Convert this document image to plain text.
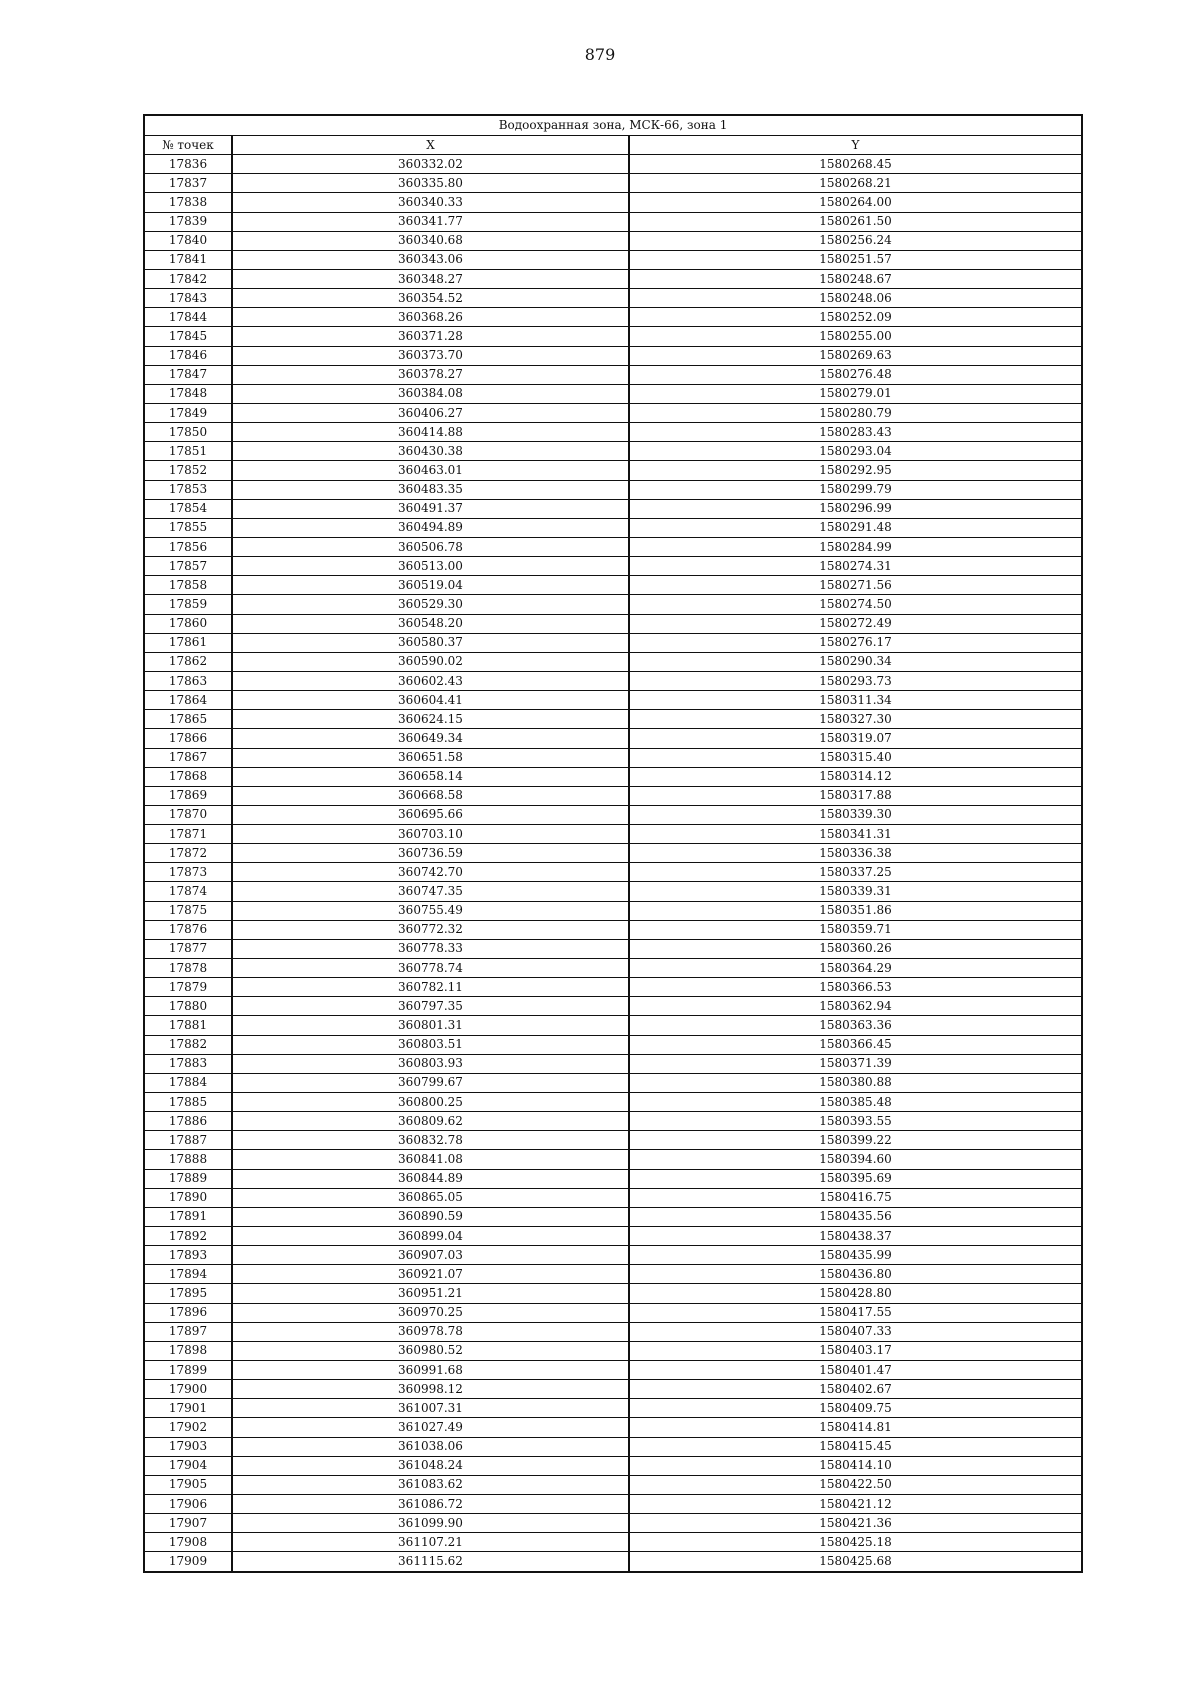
879
Водоохранная зона, МСК-66, зона 1		
№ точек	X	Y
17836	360332.02	1580268.45
17837	360335.80	1580268.21
17838	360340.33	1580264.00
17839	360341.77	1580261.50
17840	360340.68	1580256.24
17841	360343.06	1580251.57
17842	360348.27	1580248.67
17843	360354.52	1580248.06
17844	360368.26	1580252.09
17845	360371.28	1580255.00
17846	360373.70	1580269.63
17847	360378.27	1580276.48
17848	360384.08	1580279.01
17849	360406.27	1580280.79
17850	360414.88	1580283.43
17851	360430.38	1580293.04
17852	360463.01	1580292.95
17853	360483.35	1580299.79
17854	360491.37	1580296.99
17855	360494.89	1580291.48
17856	360506.78	1580284.99
17857	360513.00	1580274.31
17858	360519.04	1580271.56
17859	360529.30	1580274.50
17860	360548.20	1580272.49
17861	360580.37	1580276.17
17862	360590.02	1580290.34
17863	360602.43	1580293.73
17864	360604.41	1580311.34
17865	360624.15	1580327.30
17866	360649.34	1580319.07
17867	360651.58	1580315.40
17868	360658.14	1580314.12
17869	360668.58	1580317.88
17870	360695.66	1580339.30
17871	360703.10	1580341.31
17872	360736.59	1580336.38
17873	360742.70	1580337.25
17874	360747.35	1580339.31
17875	360755.49	1580351.86
17876	360772.32	1580359.71
17877	360778.33	1580360.26
17878	360778.74	1580364.29
17879	360782.11	1580366.53
17880	360797.35	1580362.94
17881	360801.31	1580363.36
17882	360803.51	1580366.45
17883	360803.93	1580371.39
17884	360799.67	1580380.88
17885	360800.25	1580385.48
17886	360809.62	1580393.55
17887	360832.78	1580399.22
17888	360841.08	1580394.60
17889	360844.89	1580395.69
17890	360865.05	1580416.75
17891	360890.59	1580435.56
17892	360899.04	1580438.37
17893	360907.03	1580435.99
17894	360921.07	1580436.80
17895	360951.21	1580428.80
17896	360970.25	1580417.55
17897	360978.78	1580407.33
17898	360980.52	1580403.17
17899	360991.68	1580401.47
17900	360998.12	1580402.67
17901	361007.31	1580409.75
17902	361027.49	1580414.81
17903	361038.06	1580415.45
17904	361048.24	1580414.10
17905	361083.62	1580422.50
17906	361086.72	1580421.12
17907	361099.90	1580421.36
17908	361107.21	1580425.18
17909	361115.62	1580425.68
